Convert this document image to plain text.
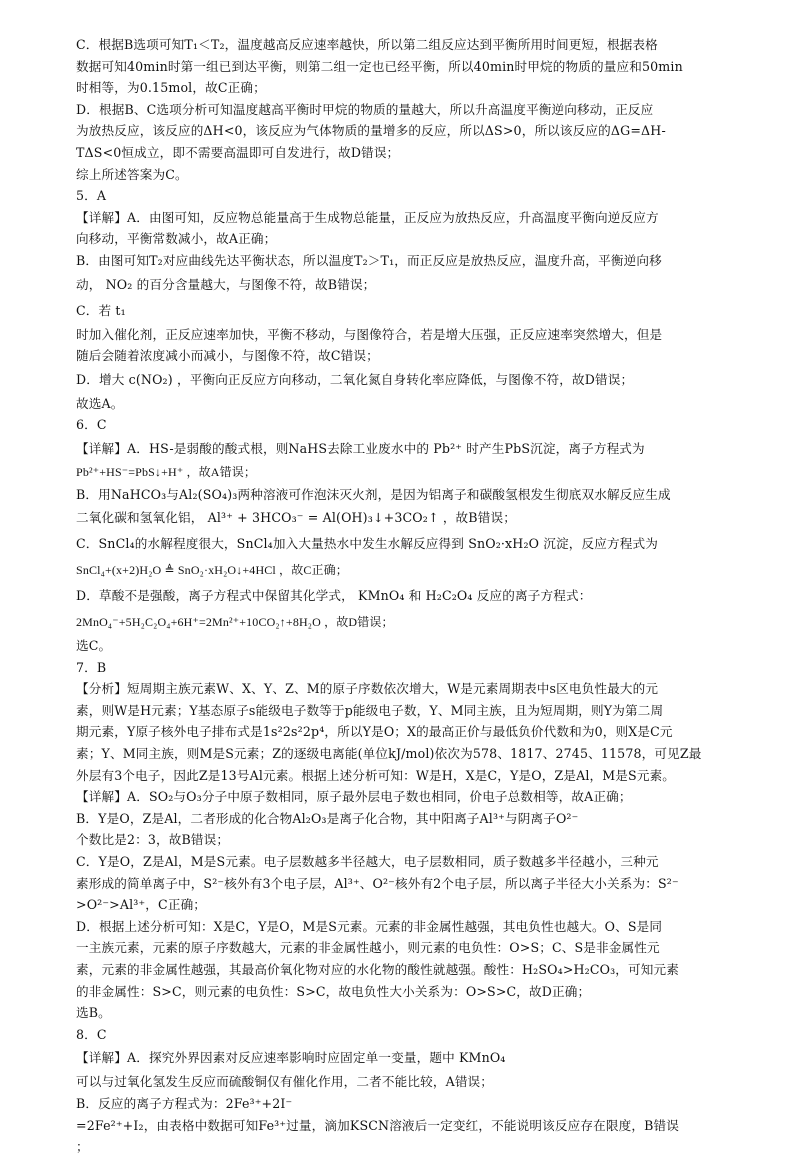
C．根据B选项可知T₁＜T₂，温度越高反应速率越快，所以第二组反应达到平衡所用时间更短，根据表格
数据可知40min时第一组已到达平衡，则第二组一定也已经平衡，所以40min时甲烷的物质的量应和50min
时相等，为0.15mol，故C正确；
D．根据B、C选项分析可知温度越高平衡时甲烷的物质的量越大，所以升高温度平衡逆向移动，正反应
为放热反应，该反应的ΔH<0，该反应为气体物质的量增多的反应，所以ΔS>0，所以该反应的ΔG=ΔH-
TΔS<0恒成立，即不需要高温即可自发进行，故D错误；
综上所述答案为C。
5．A
【详解】A．由图可知，反应物总能量高于生成物总能量，正反应为放热反应，升高温度平衡向逆反应方
向移动，平衡常数减小，故A正确；
B．由图可知T₂对应曲线先达平衡状态，所以温度T₂＞T₁，而正反应是放热反应，温度升高，平衡逆向移
动， NO₂ 的百分含量越大，与图像不符，故B错误；
C．若 t₁
时加入催化剂，正反应速率加快，平衡不移动，与图像符合，若是增大压强，正反应速率突然增大，但是
随后会随着浓度减小而减小，与图像不符，故C错误；
D．增大 c(NO₂) ，平衡向正反应方向移动，二氧化氮自身转化率应降低，与图像不符，故D错误；
故选A。
6．C
【详解】A．HS-是弱酸的酸式根，则NaHS去除工业废水中的 Pb²⁺ 时产生PbS沉淀，离子方程式为
Pb²⁺+HS⁻=PbS↓+H⁺ ，故A错误；
B．用NaHCO₃与Al₂(SO₄)₃两种溶液可作泡沫灭火剂，是因为铝离子和碳酸氢根发生彻底双水解反应生成
二氧化碳和氢氧化铝， Al³⁺ + 3HCO₃⁻ = Al(OH)₃↓+3CO₂↑ ，故B错误；
C．SnCl₄的水解程度很大，SnCl₄加入大量热水中发生水解反应得到 SnO₂·xH₂O 沉淀，反应方程式为
SnCl₄+(x+2)H₂O ≜ SnO₂·xH₂O↓+4HCl ，故C正确；
D．草酸不是强酸，离子方程式中保留其化学式， KMnO₄ 和 H₂C₂O₄ 反应的离子方程式：
2MnO₄⁻+5H₂C₂O₄+6H⁺=2Mn²⁺+10CO₂↑+8H₂O ，故D错误；
选C。
7．B
【分析】短周期主族元素W、X、Y、Z、M的原子序数依次增大，W是元素周期表中s区电负性最大的元
素，则W是H元素；Y基态原子s能级电子数等于p能级电子数，Y、M同主族，且为短周期，则Y为第二周
期元素，Y原子核外电子排布式是1s²2s²2p⁴，所以Y是O；X的最高正价与最低负价代数和为0，则X是C元
素；Y、M同主族，则M是S元素；Z的逐级电离能(单位kJ/mol)依次为578、1817、2745、11578，可见Z最
外层有3个电子，因此Z是13号Al元素。根据上述分析可知：W是H，X是C，Y是O，Z是Al，M是S元素。
【详解】A．SO₂与O₃分子中原子数相同，原子最外层电子数也相同，价电子总数相等，故A正确；
B．Y是O，Z是Al，二者形成的化合物Al₂O₃是离子化合物，其中阳离子Al³⁺与阴离子O²⁻
个数比是2：3，故B错误；
C．Y是O，Z是Al，M是S元素。电子层数越多半径越大，电子层数相同，质子数越多半径越小，三种元
素形成的简单离子中，S²⁻核外有3个电子层，Al³⁺、O²⁻核外有2个电子层，所以离子半径大小关系为：S²⁻
>O²⁻>Al³⁺，C正确；
D．根据上述分析可知：X是C，Y是O，M是S元素。元素的非金属性越强，其电负性也越大。O、S是同
一主族元素，元素的原子序数越大，元素的非金属性越小，则元素的电负性：O>S；C、S是非金属性元
素，元素的非金属性越强，其最高价氧化物对应的水化物的酸性就越强。酸性：H₂SO₄>H₂CO₃，可知元素
的非金属性：S>C，则元素的电负性：S>C，故电负性大小关系为：O>S>C，故D正确；
选B。
8．C
【详解】A．探究外界因素对反应速率影响时应固定单一变量，题中 KMnO₄
可以与过氧化氢发生反应而硫酸铜仅有催化作用，二者不能比较，A错误；
B．反应的离子方程式为：2Fe³⁺+2I⁻
=2Fe²⁺+I₂，由表格中数据可知Fe³⁺过量，滴加KSCN溶液后一定变红，不能说明该反应存在限度，B错误
；
